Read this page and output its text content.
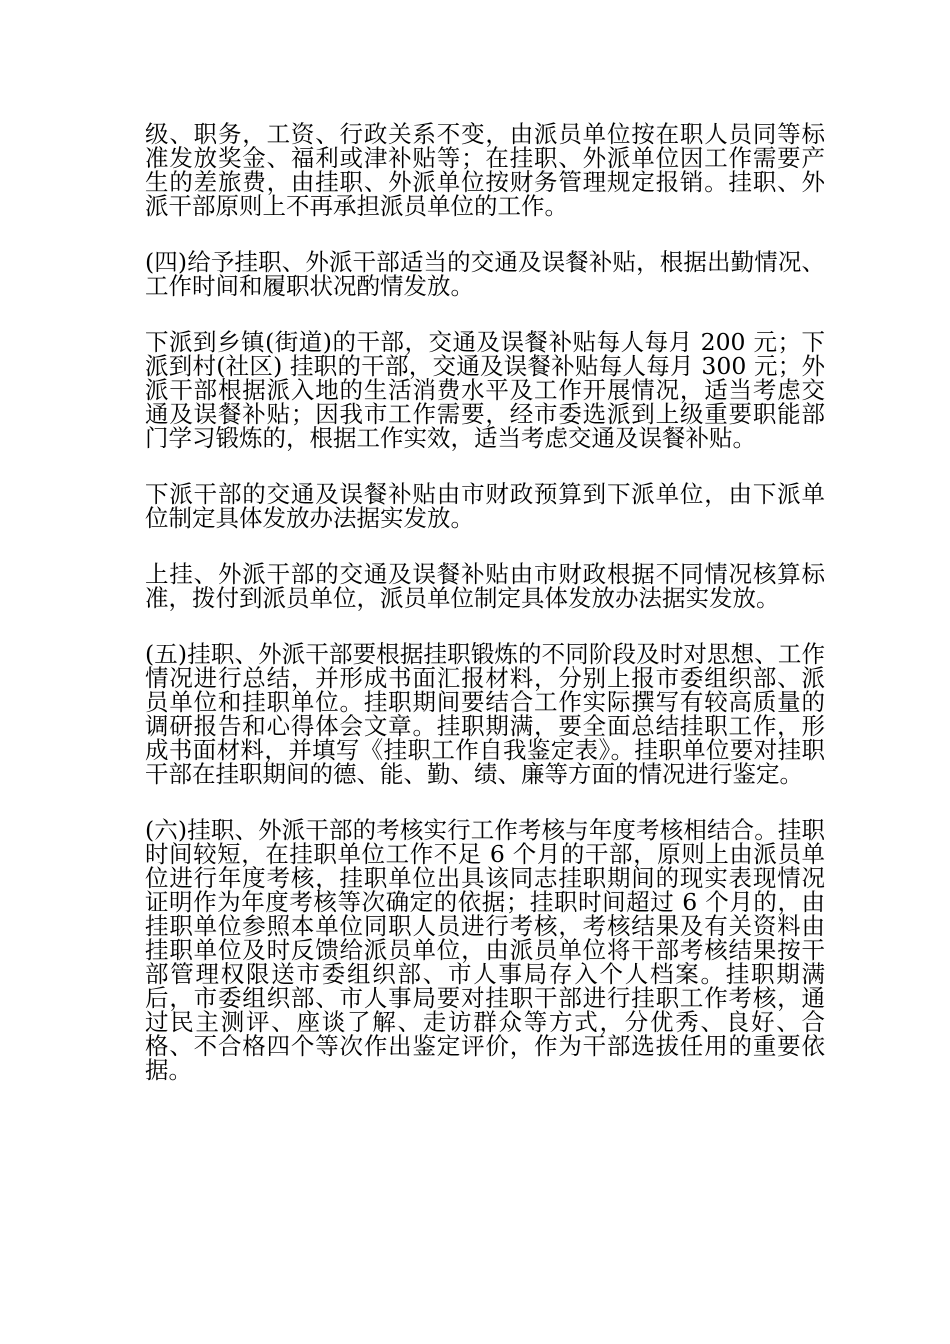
级、职务，工资、行政关系不变，由派员单位按在职人员同等标准发放奖金、福利或津补贴等；在挂职、外派单位因工作需要产生的差旅费，由挂职、外派单位按财务管理规定报销。挂职、外派干部原则上不再承担派员单位的工作。

(四)给予挂职、外派干部适当的交通及误餐补贴，根据出勤情况、工作时间和履职状况酌情发放。

下派到乡镇(街道)的干部，交通及误餐补贴每人每月 200 元；下派到村(社区) 挂职的干部，交通及误餐补贴每人每月 300 元；外派干部根据派入地的生活消费水平及工作开展情况，适当考虑交通及误餐补贴；因我市工作需要，经市委选派到上级重要职能部门学习锻炼的，根据工作实效，适当考虑交通及误餐补贴。

下派干部的交通及误餐补贴由市财政预算到下派单位，由下派单位制定具体发放办法据实发放。

上挂、外派干部的交通及误餐补贴由市财政根据不同情况核算标准，拨付到派员单位，派员单位制定具体发放办法据实发放。

(五)挂职、外派干部要根据挂职锻炼的不同阶段及时对思想、工作情况进行总结，并形成书面汇报材料，分别上报市委组织部、派员单位和挂职单位。挂职期间要结合工作实际撰写有较高质量的调研报告和心得体会文章。挂职期满，要全面总结挂职工作，形成书面材料，并填写《挂职工作自我鉴定表》。挂职单位要对挂职干部在挂职期间的德、能、勤、绩、廉等方面的情况进行鉴定。

(六)挂职、外派干部的考核实行工作考核与年度考核相结合。挂职时间较短，在挂职单位工作不足 6 个月的干部，原则上由派员单位进行年度考核，挂职单位出具该同志挂职期间的现实表现情况证明作为年度考核等次确定的依据；挂职时间超过 6 个月的，由挂职单位参照本单位同职人员进行考核，考核结果及有关资料由挂职单位及时反馈给派员单位，由派员单位将干部考核结果按干部管理权限送市委组织部、市人事局存入个人档案。挂职期满后，市委组织部、市人事局要对挂职干部进行挂职工作考核，通过民主测评、座谈了解、走访群众等方式，分优秀、良好、合格、不合格四个等次作出鉴定评价，作为干部选拔任用的重要依据。
